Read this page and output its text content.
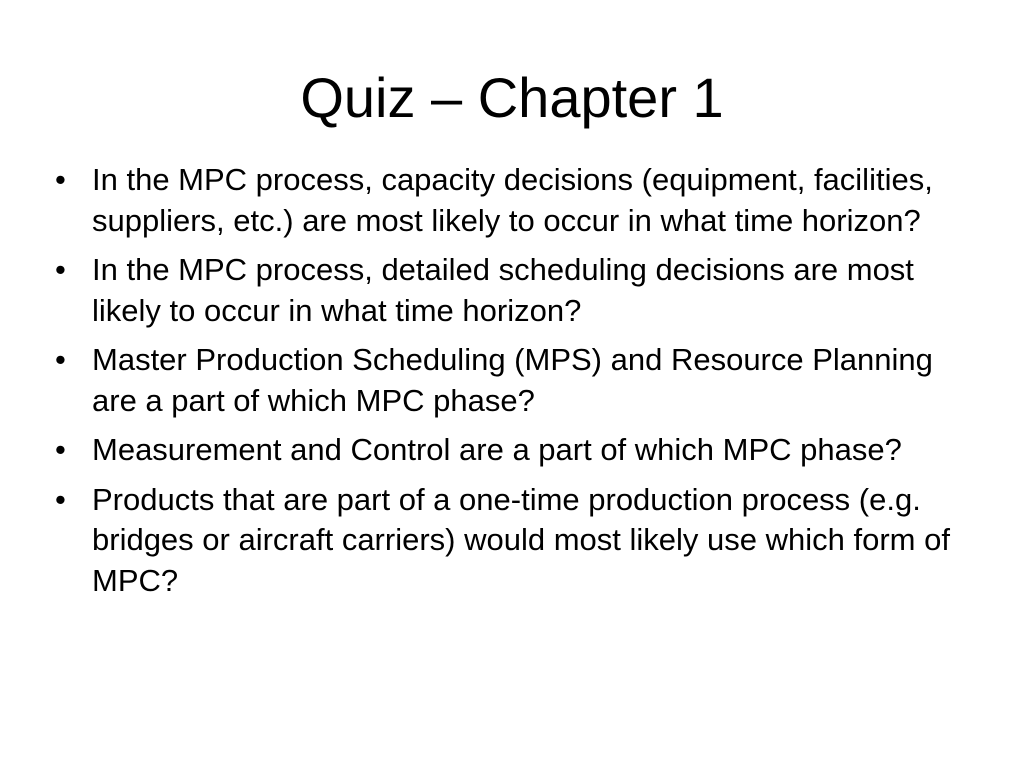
Quiz – Chapter 1
• In the MPC process, capacity decisions (equipment, facilities, suppliers, etc.) are most likely to occur in what time horizon?
• In the MPC process, detailed scheduling decisions are most likely to occur in what time horizon?
• Master Production Scheduling (MPS) and Resource Planning are a part of which MPC phase?
• Measurement and Control are a part of which MPC phase?
• Products that are part of a one-time production process (e.g. bridges or aircraft carriers) would most likely use which form of MPC?
